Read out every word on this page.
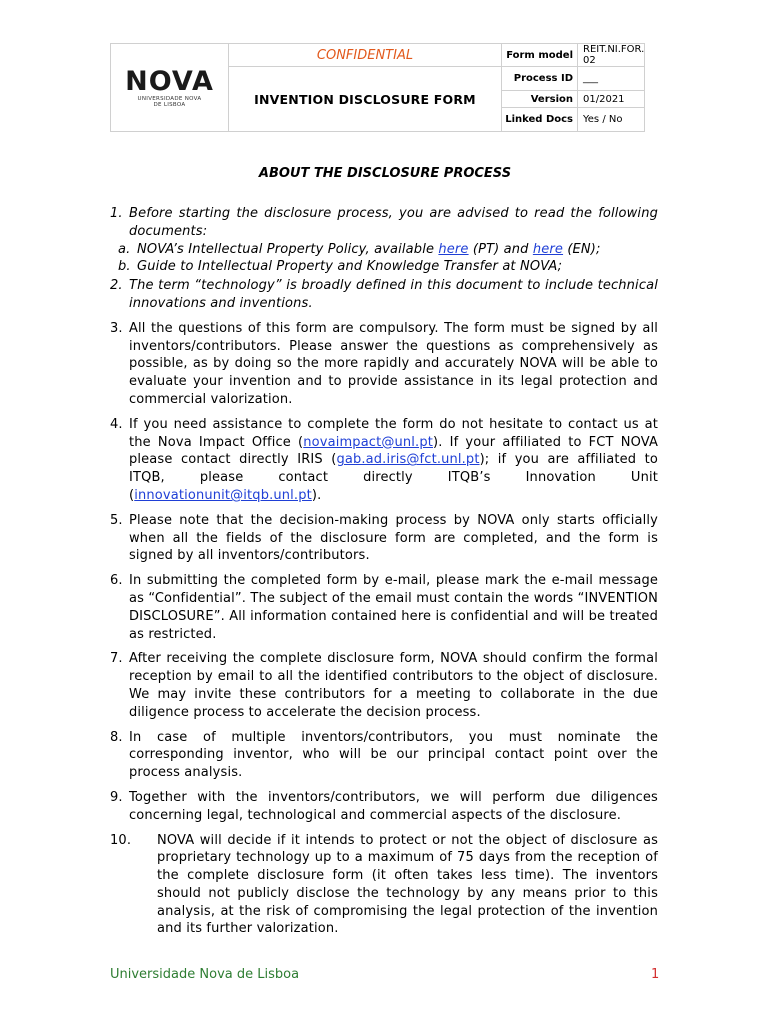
NOVA
UNIVERSIDADE NOVA
DE LISBOA	CONFIDENTIAL	Form model	REIT.NI.FOR. 02
	INVENTION DISCLOSURE FORM	Process ID	___
		Version	01/2021
		Linked Docs	Yes / No
ABOUT THE DISCLOSURE PROCESS
1. Before starting the disclosure process, you are advised to read the following documents:
a. NOVA’s Intellectual Property Policy, available here (PT) and here (EN);
b. Guide to Intellectual Property and Knowledge Transfer at NOVA;
2. The term “technology” is broadly defined in this document to include technical innovations and inventions.
3. All the questions of this form are compulsory. The form must be signed by all inventors/contributors. Please answer the questions as comprehensively as possible, as by doing so the more rapidly and accurately NOVA will be able to evaluate your invention and to provide assistance in its legal protection and commercial valorization.
4. If you need assistance to complete the form do not hesitate to contact us at the Nova Impact Office (novaimpact@unl.pt). If your affiliated to FCT NOVA please contact directly IRIS (gab.ad.iris@fct.unl.pt); if you are affiliated to ITQB, please contact directly ITQB’s Innovation Unit (innovationunit@itqb.unl.pt).
5. Please note that the decision-making process by NOVA only starts officially when all the fields of the disclosure form are completed, and the form is signed by all inventors/contributors.
6. In submitting the completed form by e-mail, please mark the e-mail message as “Confidential”. The subject of the email must contain the words “INVENTION DISCLOSURE”. All information contained here is confidential and will be treated as restricted.
7. After receiving the complete disclosure form, NOVA should confirm the formal reception by email to all the identified contributors to the object of disclosure. We may invite these contributors for a meeting to collaborate in the due diligence process to accelerate the decision process.
8. In case of multiple inventors/contributors, you must nominate the corresponding inventor, who will be our principal contact point over the process analysis.
9. Together with the inventors/contributors, we will perform due diligences concerning legal, technological and commercial aspects of the disclosure.
10.	NOVA will decide if it intends to protect or not the object of disclosure as proprietary technology up to a maximum of 75 days from the reception of the complete disclosure form (it often takes less time). The inventors should not publicly disclose the technology by any means prior to this analysis, at the risk of compromising the legal protection of the invention and its further valorization.
Universidade Nova de Lisboa	1
